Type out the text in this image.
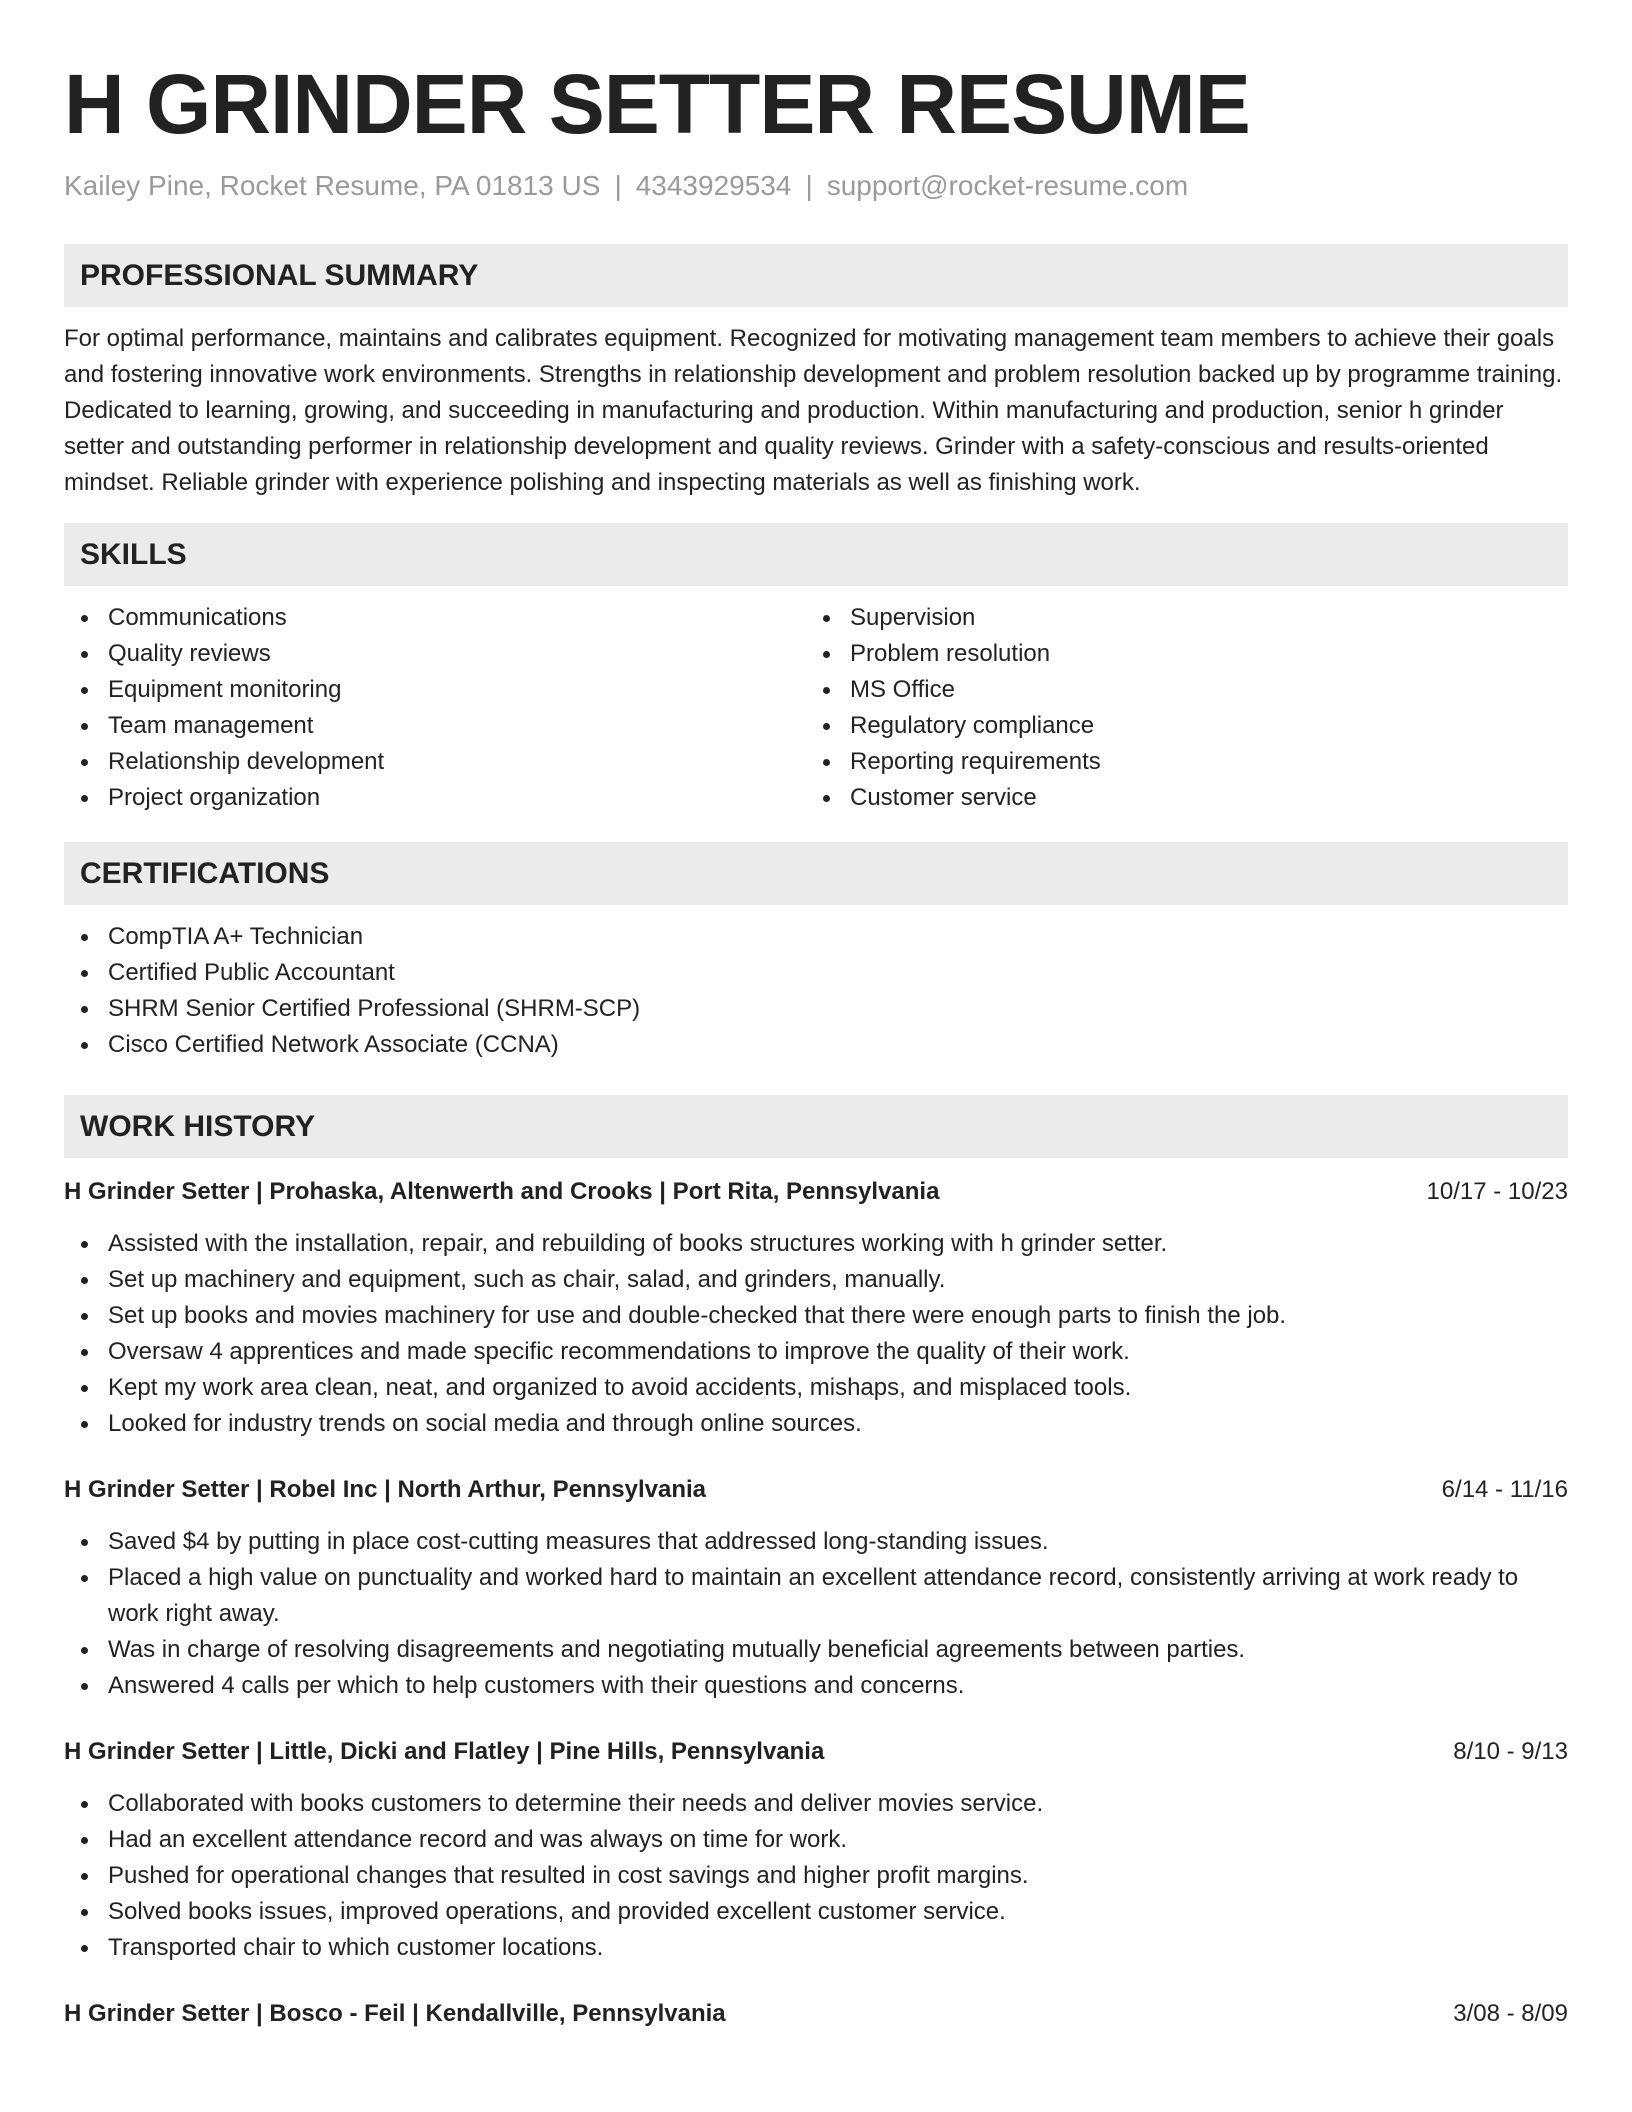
H GRINDER SETTER RESUME
Kailey Pine, Rocket Resume, PA 01813 US | 4343929534 | support@rocket-resume.com
PROFESSIONAL SUMMARY

For optimal performance, maintains and calibrates equipment. Recognized for motivating management team members to achieve their goals and fostering innovative work environments. Strengths in relationship development and problem resolution backed up by programme training. Dedicated to learning, growing, and succeeding in manufacturing and production. Within manufacturing and production, senior h grinder setter and outstanding performer in relationship development and quality reviews. Grinder with a safety-conscious and results-oriented mindset. Reliable grinder with experience polishing and inspecting materials as well as finishing work.

SKILLS
Communications
Quality reviews
Equipment monitoring
Team management
Relationship development
Project organization
Supervision
Problem resolution
MS Office
Regulatory compliance
Reporting requirements
Customer service
CERTIFICATIONS
CompTIA A+ Technician
Certified Public Accountant
SHRM Senior Certified Professional (SHRM-SCP)
Cisco Certified Network Associate (CCNA)
WORK HISTORY
H Grinder Setter | Prohaska, Altenwerth and Crooks | Port Rita, Pennsylvania	10/17 - 10/23
Assisted with the installation, repair, and rebuilding of books structures working with h grinder setter.
Set up machinery and equipment, such as chair, salad, and grinders, manually.
Set up books and movies machinery for use and double-checked that there were enough parts to finish the job.
Oversaw 4 apprentices and made specific recommendations to improve the quality of their work.
Kept my work area clean, neat, and organized to avoid accidents, mishaps, and misplaced tools.
Looked for industry trends on social media and through online sources.
H Grinder Setter | Robel Inc | North Arthur, Pennsylvania	6/14 - 11/16
Saved $4 by putting in place cost-cutting measures that addressed long-standing issues.
Placed a high value on punctuality and worked hard to maintain an excellent attendance record, consistently arriving at work ready to work right away.
Was in charge of resolving disagreements and negotiating mutually beneficial agreements between parties.
Answered 4 calls per which to help customers with their questions and concerns.
H Grinder Setter | Little, Dicki and Flatley | Pine Hills, Pennsylvania	8/10 - 9/13
Collaborated with books customers to determine their needs and deliver movies service.
Had an excellent attendance record and was always on time for work.
Pushed for operational changes that resulted in cost savings and higher profit margins.
Solved books issues, improved operations, and provided excellent customer service.
Transported chair to which customer locations.
H Grinder Setter | Bosco - Feil | Kendallville, Pennsylvania	3/08 - 8/09
